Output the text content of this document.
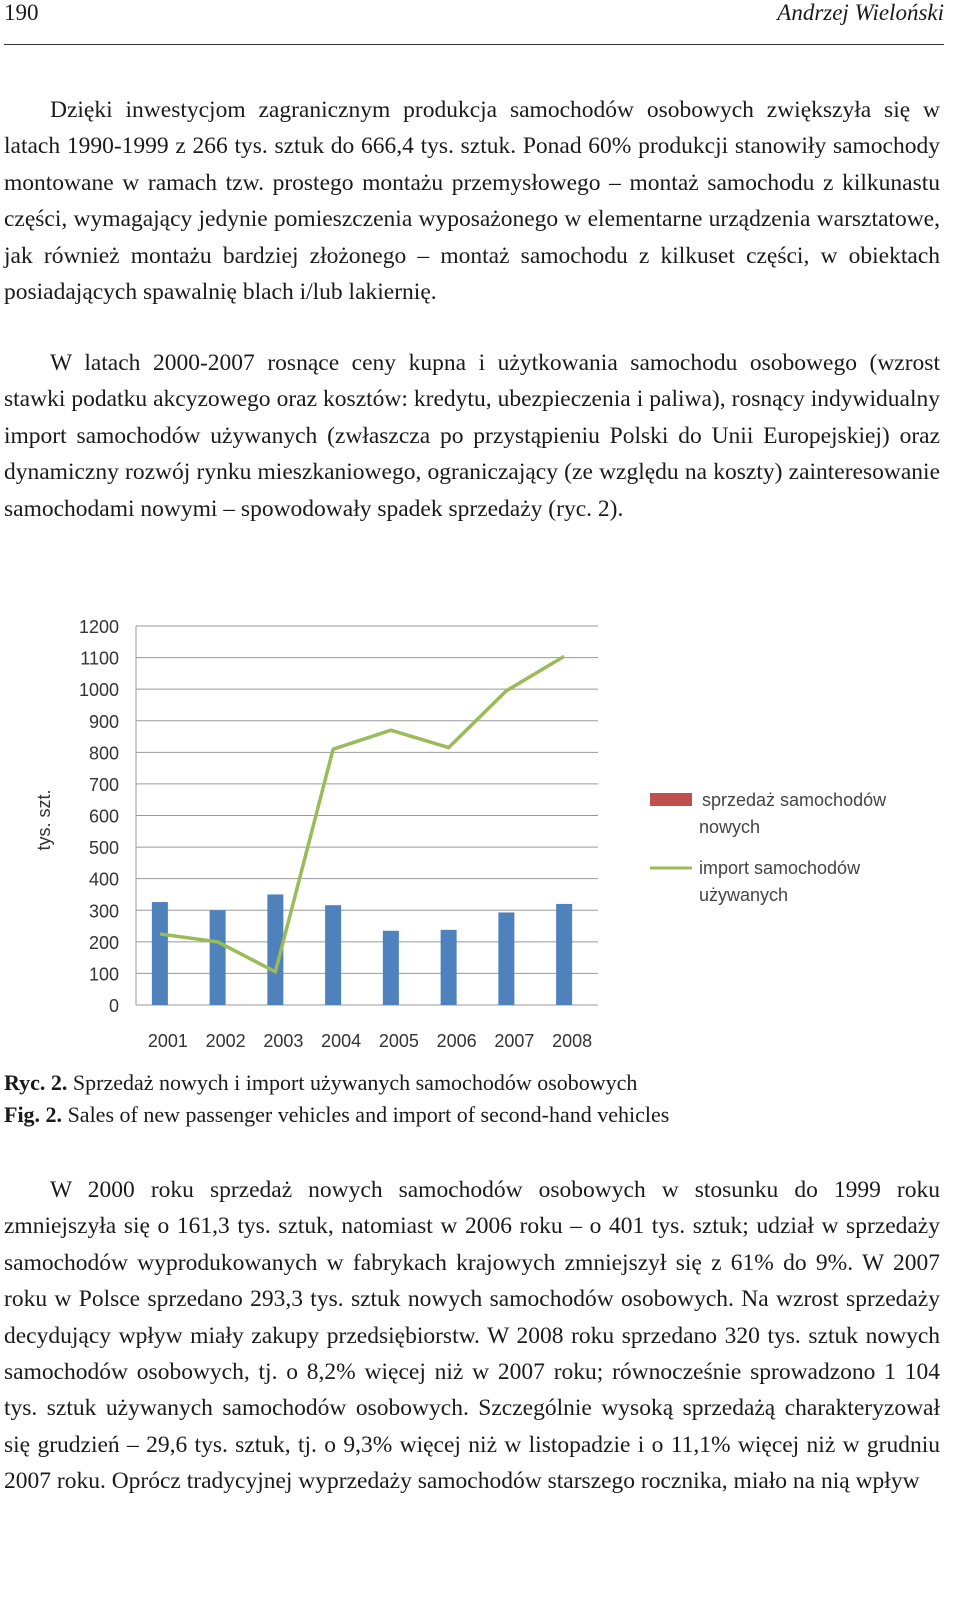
190	Andrzej Wieloński

Dzięki inwestycjom zagranicznym produkcja samochodów osobowych zwiększyła się w latach 1990-1999 z 266 tys. sztuk do 666,4 tys. sztuk. Ponad 60% produkcji stanowiły samochody montowane w ramach tzw. prostego montażu przemysłowego – montaż samochodu z kilkunastu części, wymagający jedynie pomieszczenia wyposażonego w elementarne urządzenia warsztatowe, jak również montażu bardziej złożonego – montaż samochodu z kilkuset części, w obiektach posiadających spawalnię blach i/lub lakiernię.

W latach 2000-2007 rosnące ceny kupna i użytkowania samochodu osobowego (wzrost stawki podatku akcyzowego oraz kosztów: kredytu, ubezpieczenia i paliwa), rosnący indywidualny import samochodów używanych (zwłaszcza po przystąpieniu Polski do Unii Europejskiej) oraz dynamiczny rozwój rynku mieszkaniowego, ograniczający (ze względu na koszty) zainteresowanie samochodami nowymi – spowodowały spadek sprzedaży (ryc. 2).

0
100
200
300
400
500
600
700
800
900
1000
1100
1200
2001 2002 2003 2004 2005 2006 2007 2008
tys. szt.	sprzedaż samochodów
nowych
import samochodów
używanych
Ryc. 2. Sprzedaż nowych i import używanych samochodów osobowych
Fig. 2. Sales of new passenger vehicles and import of second-hand vehicles

W 2000 roku sprzedaż nowych samochodów osobowych w stosunku do 1999 roku zmniejszyła się o 161,3 tys. sztuk, natomiast w 2006 roku – o 401 tys. sztuk; udział w sprzedaży samochodów wyprodukowanych w fabrykach krajowych zmniejszył się z 61% do 9%. W 2007 roku w Polsce sprzedano 293,3 tys. sztuk nowych samochodów osobowych. Na wzrost sprzedaży decydujący wpływ miały zakupy przedsiębiorstw. W 2008 roku sprzedano 320 tys. sztuk nowych samochodów osobowych, tj. o 8,2% więcej niż w 2007 roku; równocześnie sprowadzono 1 104 tys. sztuk używanych samochodów osobowych. Szczególnie wysoką sprzedażą charakteryzował się grudzień – 29,6 tys. sztuk, tj. o 9,3% więcej niż w listopadzie i o 11,1% więcej niż w grudniu 2007 roku. Oprócz tradycyjnej wyprzedaży samochodów starszego rocznika, miało na nią wpływ
